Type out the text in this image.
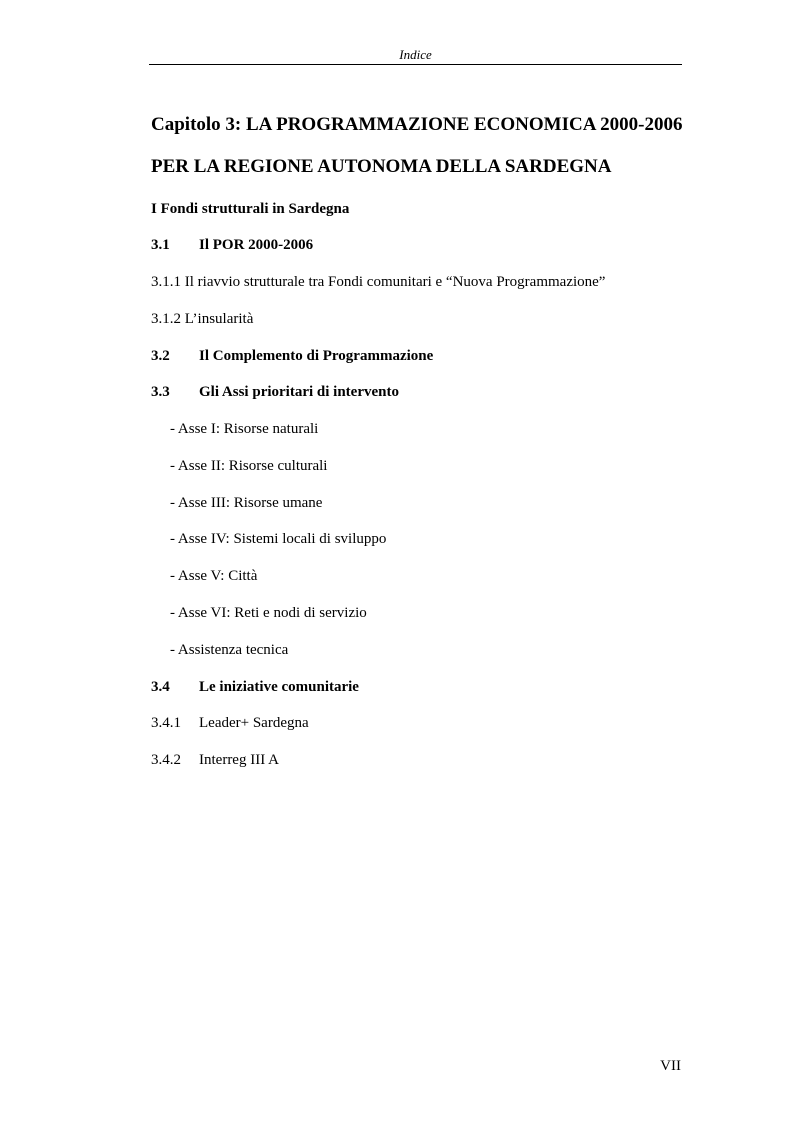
Indice
Capitolo 3: LA PROGRAMMAZIONE ECONOMICA 2000-2006
PER LA REGIONE AUTONOMA DELLA SARDEGNA
I Fondi strutturali in Sardegna
3.1 Il POR 2000-2006
3.1.1 Il riavvio strutturale tra Fondi comunitari e “Nuova Programmazione”
3.1.2 L’insularità
3.2 Il Complemento di Programmazione
3.3 Gli Assi prioritari di intervento
- Asse I: Risorse naturali
- Asse II: Risorse culturali
- Asse III: Risorse umane
- Asse IV: Sistemi locali di sviluppo
- Asse V: Città
- Asse VI: Reti e nodi di servizio
- Assistenza tecnica
3.4 Le iniziative comunitarie
3.4.1 Leader+ Sardegna
3.4.2 Interreg III A
VII
